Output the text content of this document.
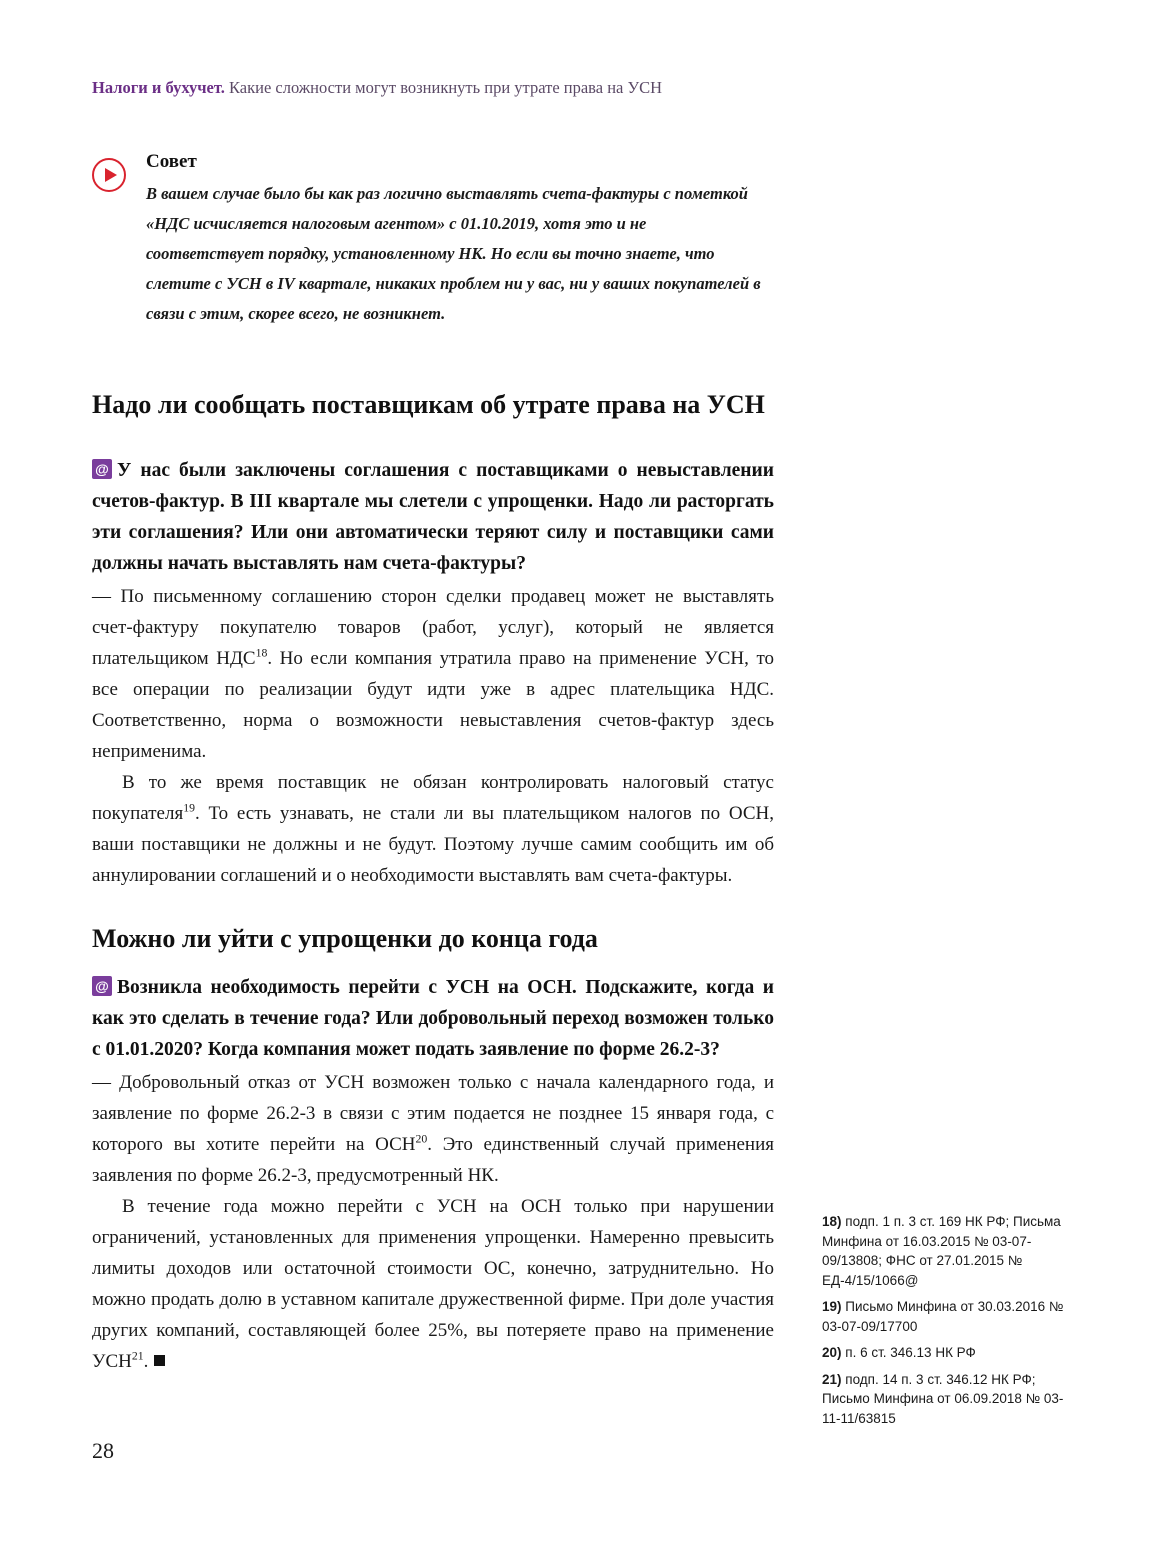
Налоги и бухучет. Какие сложности могут возникнуть при утрате права на УСН
Совет
В вашем случае было бы как раз логично выставлять счета-фактуры с пометкой «НДС исчисляется налоговым агентом» с 01.10.2019, хотя это и не соответствует порядку, установленному НК. Но если вы точно знаете, что слетите с УСН в IV квартале, никаких проблем ни у вас, ни у ваших покупателей в связи с этим, скорее всего, не возникнет.
Надо ли сообщать поставщикам об утрате права на УСН

@ У нас были заключены соглашения с поставщиками о невыставлении счетов-фактур. В III квартале мы слетели с упрощенки. Надо ли расторгать эти соглашения? Или они автоматически теряют силу и поставщики сами должны начать выставлять нам счета-фактуры?

— По письменному соглашению сторон сделки продавец может не выставлять счет-фактуру покупателю товаров (работ, услуг), который не является плательщиком НДС$^{18}$. Но если компания утратила право на применение УСН, то все операции по реализации будут идти уже в адрес плательщика НДС. Соответственно, норма о возможности невыставления счетов-фактур здесь неприменима.

В то же время поставщик не обязан контролировать налоговый статус покупателя$^{19}$. То есть узнавать, не стали ли вы плательщиком налогов по ОСН, ваши поставщики не должны и не будут. Поэтому лучше самим сообщить им об аннулировании соглашений и о необходимости выставлять вам счета-фактуры.

Можно ли уйти с упрощенки до конца года

@ Возникла необходимость перейти с УСН на ОСН. Подскажите, когда и как это сделать в течение года? Или добровольный переход возможен только с 01.01.2020? Когда компания может подать заявление по форме 26.2-3?

— Добровольный отказ от УСН возможен только с начала календарного года, и заявление по форме 26.2-3 в связи с этим подается не позднее 15 января года, с которого вы хотите перейти на ОСН$^{20}$. Это единственный случай применения заявления по форме 26.2-3, предусмотренный НК.

В течение года можно перейти с УСН на ОСН только при нарушении ограничений, установленных для применения упрощенки. Намеренно превысить лимиты доходов или остаточной стоимости ОС, конечно, затруднительно. Но можно продать долю в уставном капитале дружественной фирме. При доле участия других компаний, составляющей более 25%, вы потеряете право на применение УСН$^{21}$.

18) подп. 1 п. 3 ст. 169 НК РФ; Письма Минфина от 16.03.2015 № 03-07-09/13808; ФНС от 27.01.2015 № ЕД-4/15/1066@
19) Письмо Минфина от 30.03.2016 № 03-07-09/17700
20) п. 6 ст. 346.13 НК РФ
21) подп. 14 п. 3 ст. 346.12 НК РФ; Письмо Минфина от 06.09.2018 № 03-11-11/63815
28
